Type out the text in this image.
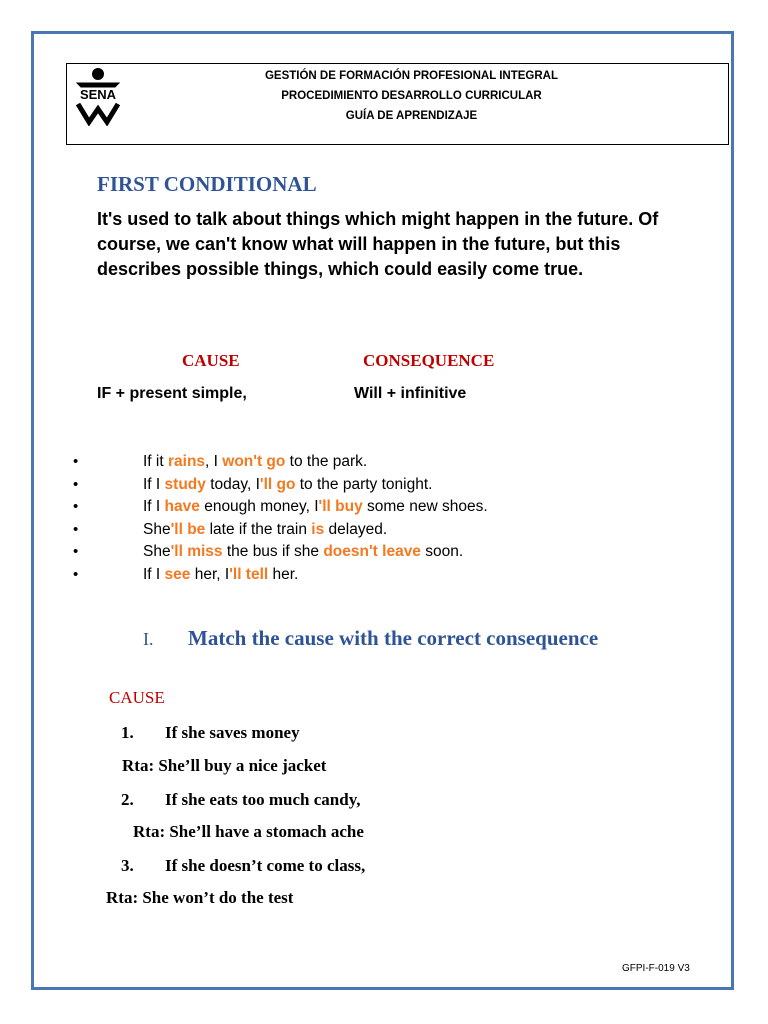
SENA
GESTIÓN DE FORMACIÓN PROFESIONAL INTEGRAL
PROCEDIMIENTO DESARROLLO CURRICULAR
GUÍA DE APRENDIZAJE
FIRST CONDITIONAL

It's used to talk about things which might happen in the future. Of course, we can't know what will happen in the future, but this describes possible things, which could easily come true.

CAUSE	CONSEQUENCE
IF + present simple,	Will + infinitive
•	If it rains, I won't go to the park.
•	If I study today, I'll go to the party tonight.
•	If I have enough money, I'll buy some new shoes.
•	She'll be late if the train is delayed.
•	She'll miss the bus if she doesn't leave soon.
•	If I see her, I'll tell her.
I. Match the cause with the correct consequence
CAUSE
1. If she saves money
Rta: She’ll buy a nice jacket
2. If she eats too much candy,
Rta: She’ll have a stomach ache
3. If she doesn’t come to class,
Rta: She won’t do the test
GFPI-F-019 V3
